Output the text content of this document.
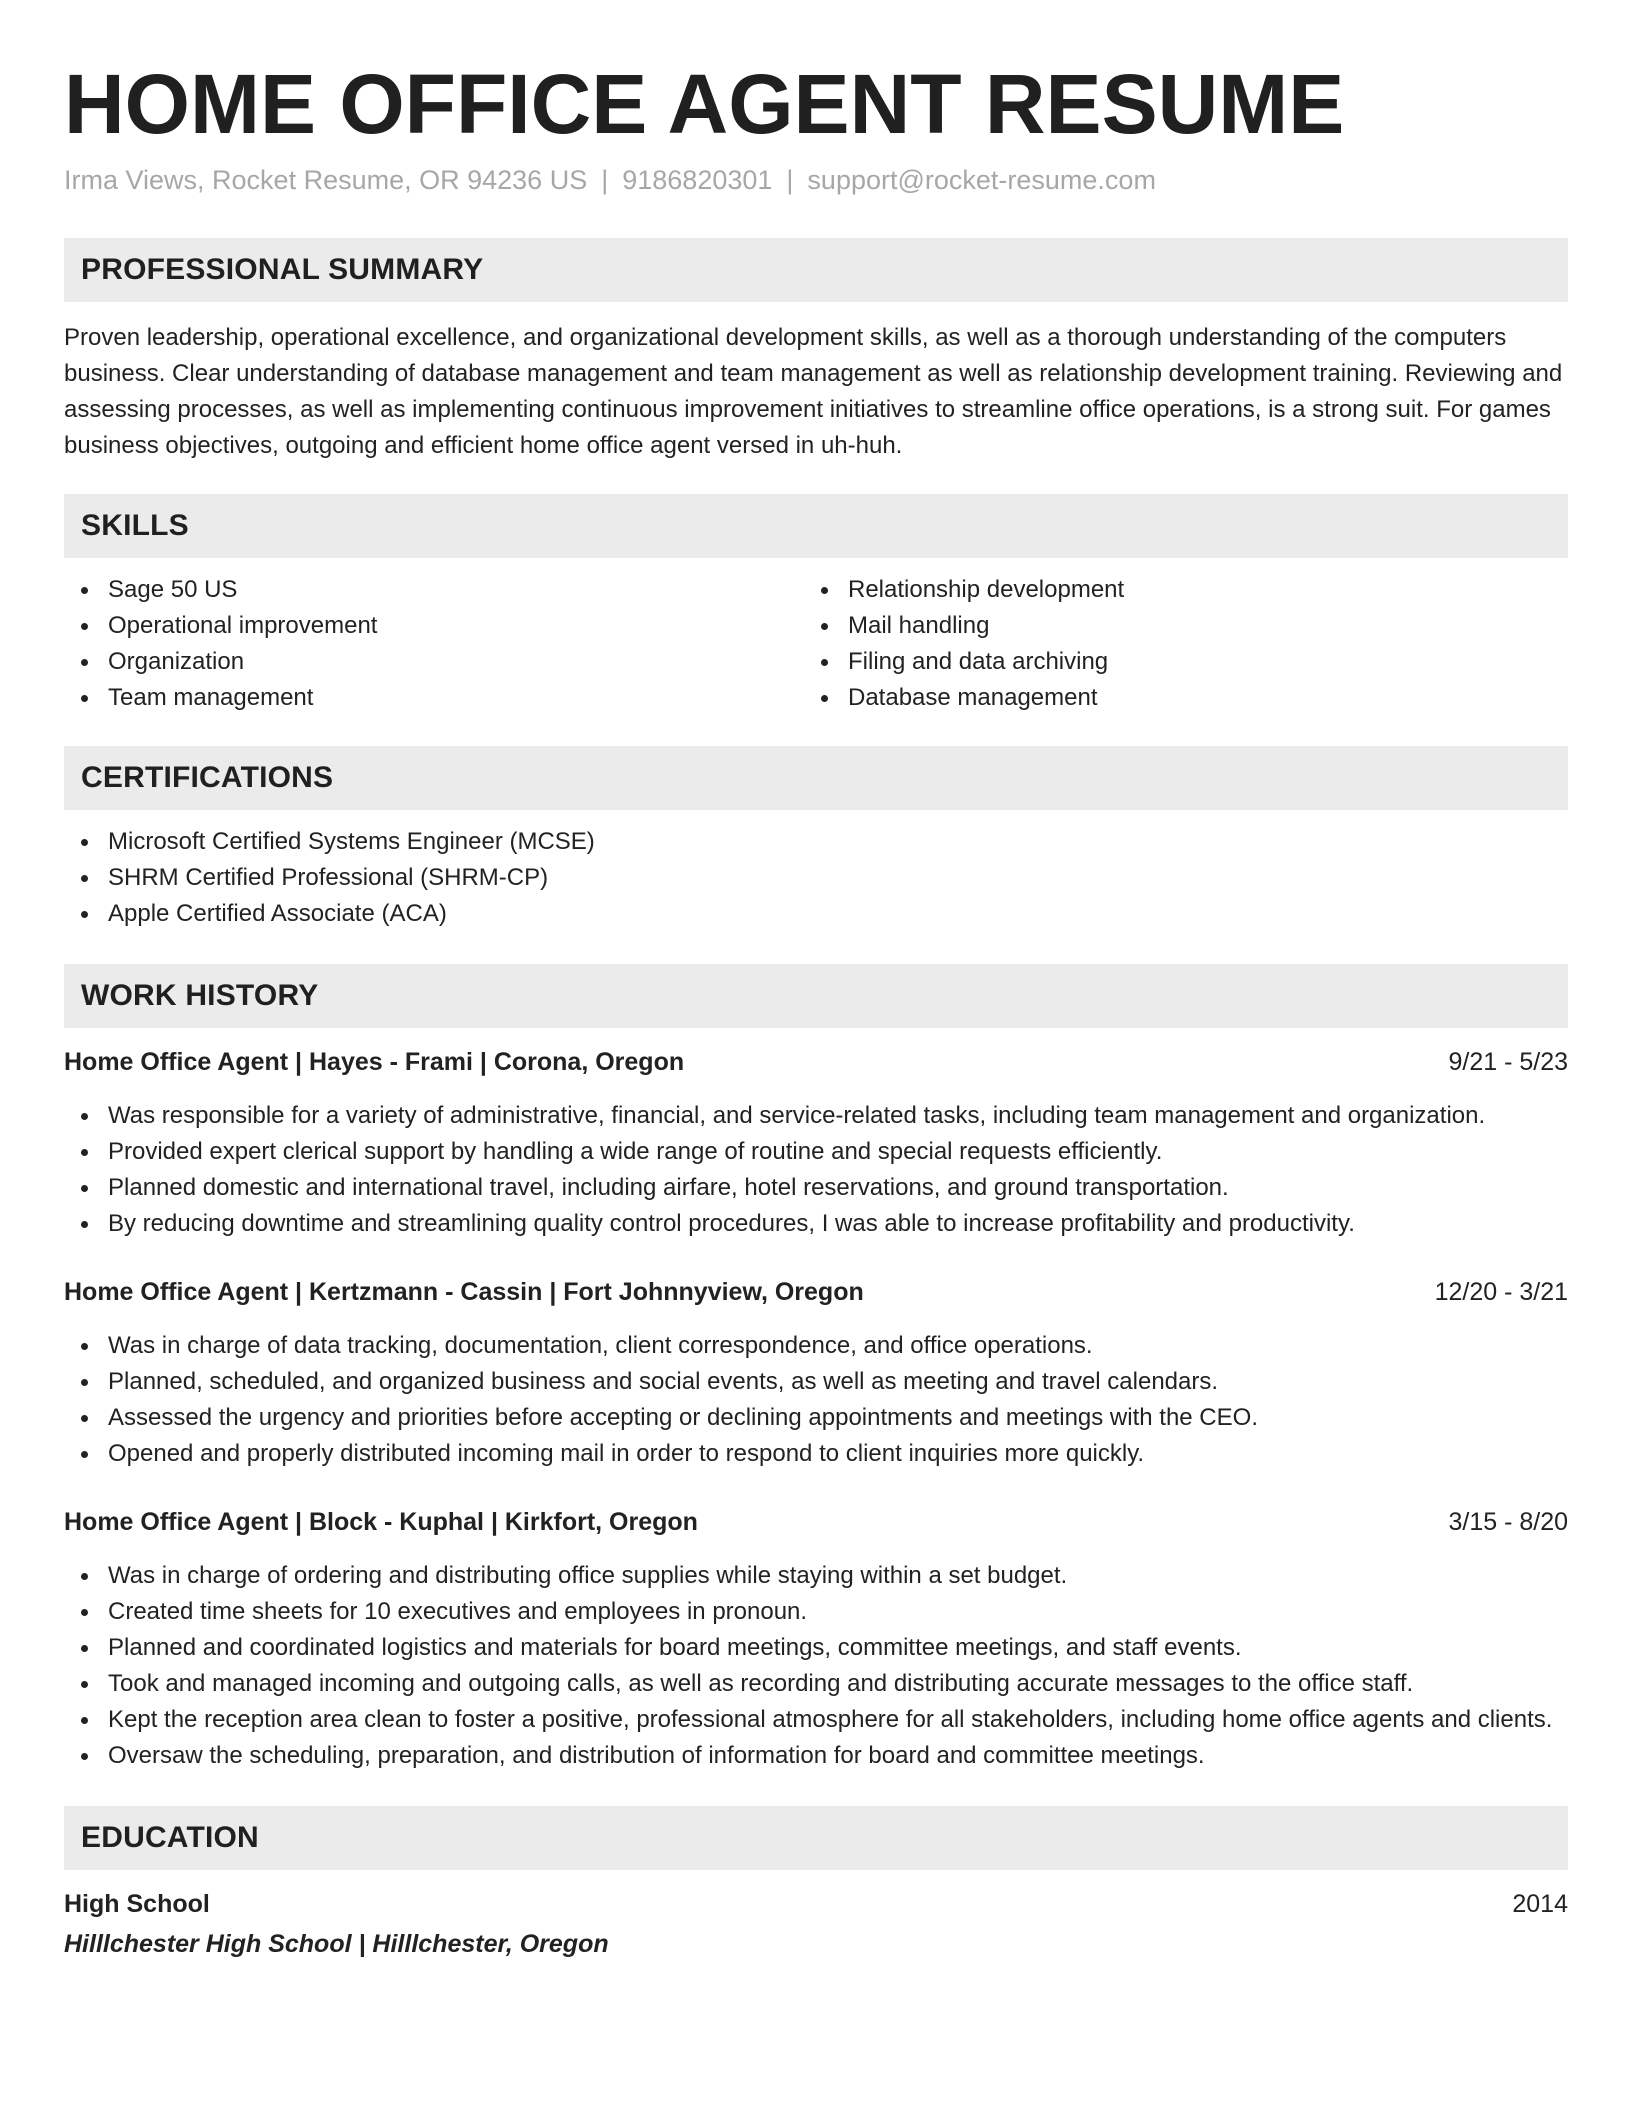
HOME OFFICE AGENT RESUME
Irma Views, Rocket Resume, OR 94236 US | 9186820301 | support@rocket-resume.com
PROFESSIONAL SUMMARY

Proven leadership, operational excellence, and organizational development skills, as well as a thorough understanding of the computers business. Clear understanding of database management and team management as well as relationship development training. Reviewing and assessing processes, as well as implementing continuous improvement initiatives to streamline office operations, is a strong suit. For games business objectives, outgoing and efficient home office agent versed in uh-huh.

SKILLS
Sage 50 US
Operational improvement
Organization
Team management
Relationship development
Mail handling
Filing and data archiving
Database management
CERTIFICATIONS
Microsoft Certified Systems Engineer (MCSE)
SHRM Certified Professional (SHRM-CP)
Apple Certified Associate (ACA)
WORK HISTORY
Home Office Agent | Hayes - Frami | Corona, Oregon	9/21 - 5/23
Was responsible for a variety of administrative, financial, and service-related tasks, including team management and organization.
Provided expert clerical support by handling a wide range of routine and special requests efficiently.
Planned domestic and international travel, including airfare, hotel reservations, and ground transportation.
By reducing downtime and streamlining quality control procedures, I was able to increase profitability and productivity.
Home Office Agent | Kertzmann - Cassin | Fort Johnnyview, Oregon	12/20 - 3/21
Was in charge of data tracking, documentation, client correspondence, and office operations.
Planned, scheduled, and organized business and social events, as well as meeting and travel calendars.
Assessed the urgency and priorities before accepting or declining appointments and meetings with the CEO.
Opened and properly distributed incoming mail in order to respond to client inquiries more quickly.
Home Office Agent | Block - Kuphal | Kirkfort, Oregon	3/15 - 8/20
Was in charge of ordering and distributing office supplies while staying within a set budget.
Created time sheets for 10 executives and employees in pronoun.
Planned and coordinated logistics and materials for board meetings, committee meetings, and staff events.
Took and managed incoming and outgoing calls, as well as recording and distributing accurate messages to the office staff.
Kept the reception area clean to foster a positive, professional atmosphere for all stakeholders, including home office agents and clients.
Oversaw the scheduling, preparation, and distribution of information for board and committee meetings.
EDUCATION
High School	2014
Hilllchester High School | Hilllchester, Oregon
